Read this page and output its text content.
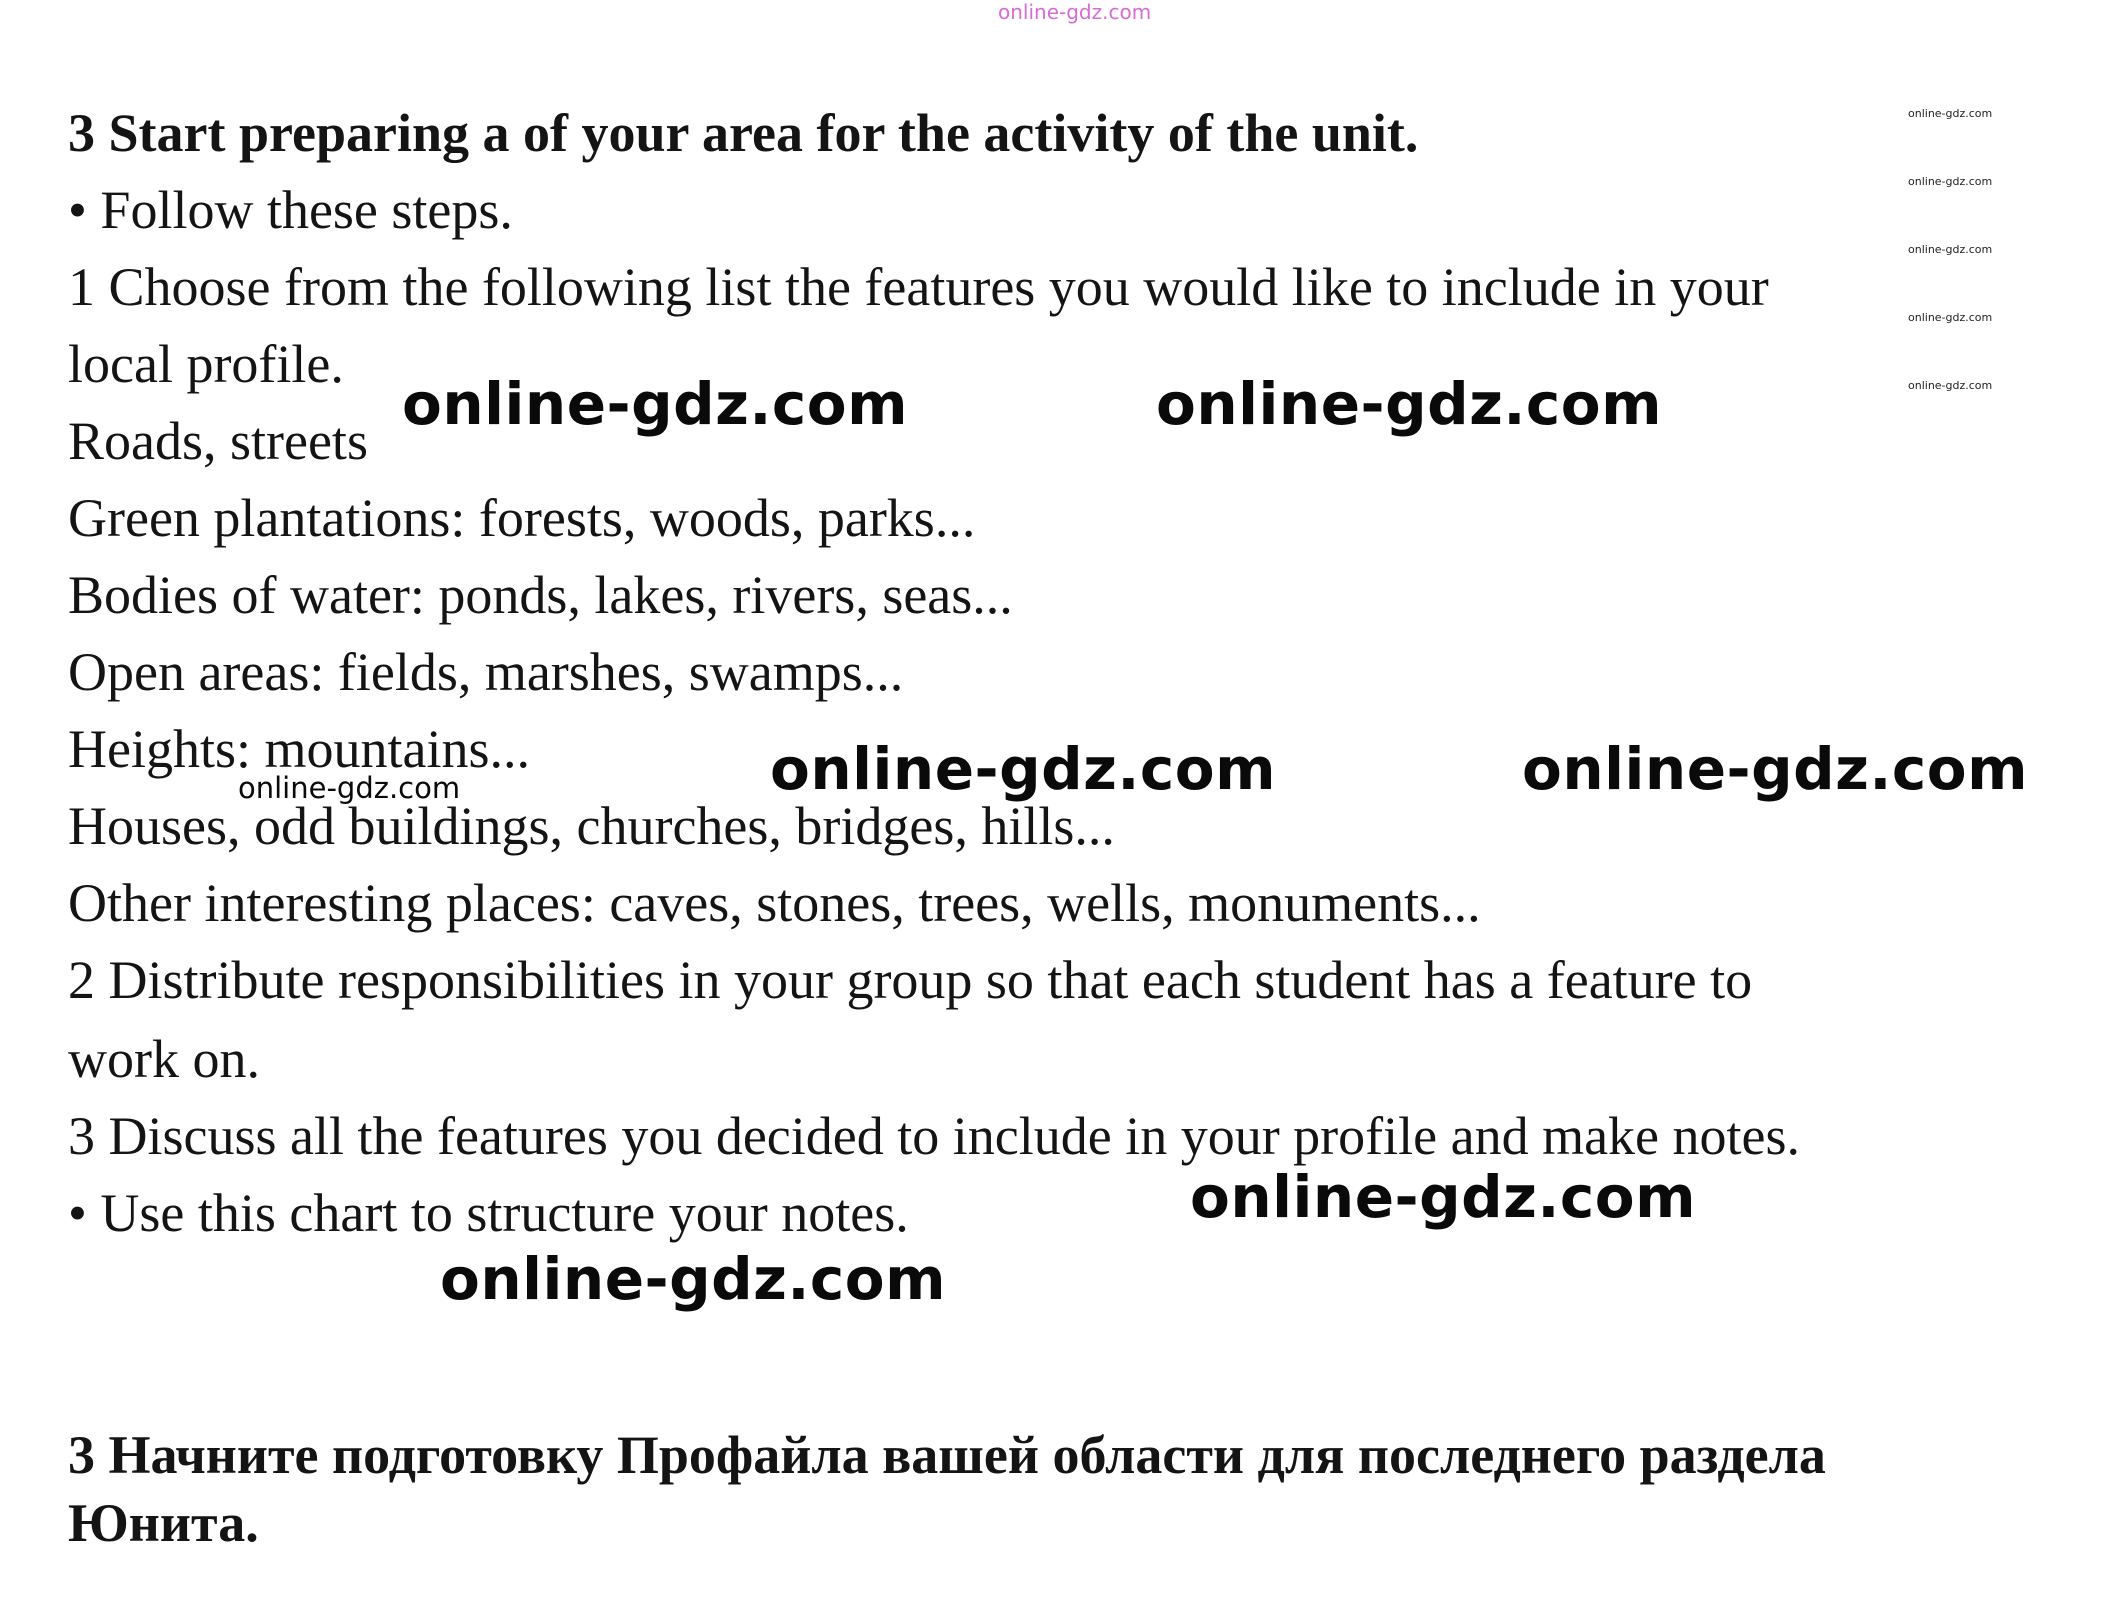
online-gdz.com
online-gdz.com
online-gdz.com
online-gdz.com
online-gdz.com
online-gdz.com
3 Start preparing a of your area for the activity of the unit.
• Follow these steps.
1 Choose from the following list the features you would like to include in your
local profile.
Roads, streets
Green plantations: forests, woods, parks...
Bodies of water: ponds, lakes, rivers, seas...
Open areas: fields, marshes, swamps...
Heights: mountains...
Houses, odd buildings, churches, bridges, hills...
Other interesting places: caves, stones, trees, wells, monuments...
2 Distribute responsibilities in your group so that each student has a feature to
work on.
3 Discuss all the features you decided to include in your profile and make notes.
• Use this chart to structure your notes.
3 Начните подготовку Профайла вашей области для последнего раздела
Юнита.
online-gdz.com	online-gdz.com
online-gdz.com	online-gdz.com
online-gdz.com
online-gdz.com
online-gdz.com
